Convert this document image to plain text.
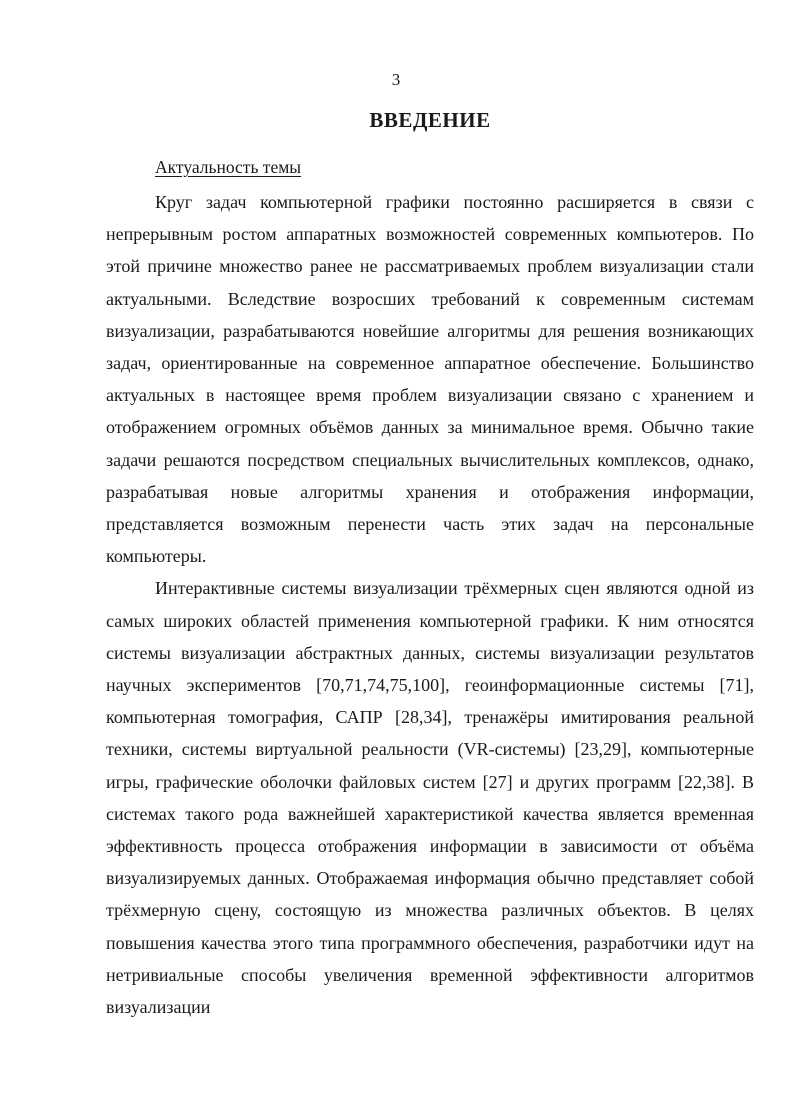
3
ВВЕДЕНИЕ
Актуальность темы

Круг задач компьютерной графики постоянно расширяется в связи с непрерывным ростом аппаратных возможностей современных компьютеров. По этой причине множество ранее не рассматриваемых проблем визуализации стали актуальными. Вследствие возросших требований к современным системам визуализации, разрабатываются новейшие алгоритмы для решения возникающих задач, ориентированные на современное аппаратное обеспечение. Большинство актуальных в настоящее время проблем визуализации связано с хранением и отображением огромных объёмов данных за минимальное время. Обычно такие задачи решаются посредством специальных вычислительных комплексов, однако, разрабатывая новые алгоритмы хранения и отображения информации, представляется возможным перенести часть этих задач на персональные компьютеры.

Интерактивные системы визуализации трёхмерных сцен являются одной из самых широких областей применения компьютерной графики. К ним относятся системы визуализации абстрактных данных, системы визуализации результатов научных экспериментов [70,71,74,75,100], геоинформационные системы [71], компьютерная томография, САПР [28,34], тренажёры имитирования реальной техники, системы виртуальной реальности (VR-системы) [23,29], компьютерные игры, графические оболочки файловых систем [27] и других программ [22,38]. В системах такого рода важнейшей характеристикой качества является временная эффективность процесса отображения информации в зависимости от объёма визуализируемых данных. Отображаемая информация обычно представляет собой трёхмерную сцену, состоящую из множества различных объектов. В целях повышения качества этого типа программного обеспечения, разработчики идут на нетривиальные способы увеличения временной эффективности алгоритмов визуализации
